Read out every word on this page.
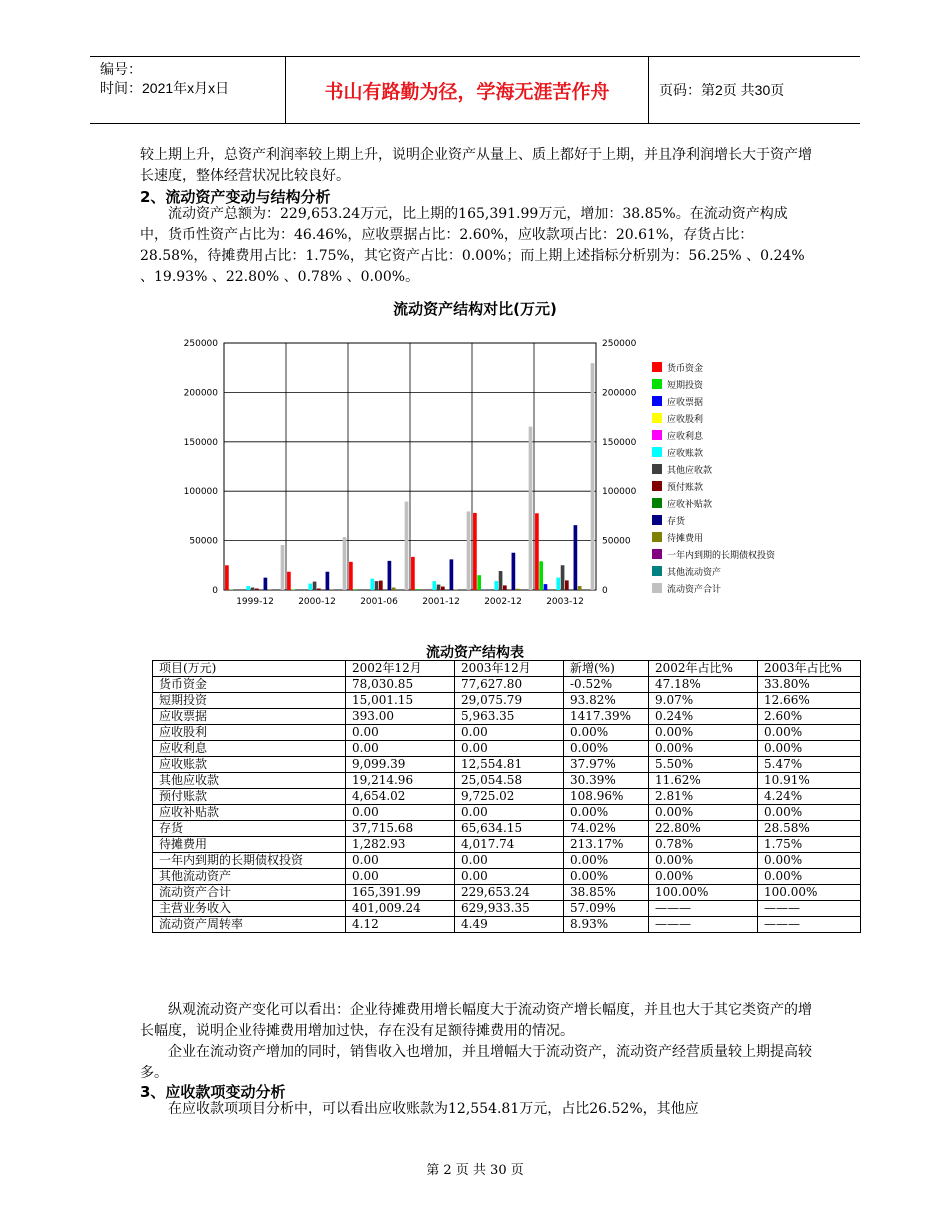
编号：
时间：2021年x月x日	书山有路勤为径，学海无涯苦作舟	页码：第2页 共30页
较上期上升，总资产利润率较上期上升，说明企业资产从量上、质上都好于上期，并且净利润增长大于资产增长速度，整体经营状况比较良好。
2、流动资产变动与结构分析
　　流动资产总额为：229,653.24万元，比上期的165,391.99万元，增加：38.85%。在流动资产构成中，货币性资产占比为：46.46%，应收票据占比：2.60%，应收款项占比：20.61%，存货占比：28.58%，待摊费用占比：1.75%，其它资产占比：0.00%；而上期上述指标分析别为：56.25% 、0.24% 、19.93% 、22.80% 、0.78% 、0.00%。
流动资产结构对比(万元)
0	0
50000	50000
100000	100000
150000	150000
200000	200000
250000	250000
1999-12	2000-12	2001-06	2001-12	2002-12	2003-12
货币资金
短期投资
应收票据
应收股利
应收利息
应收账款
其他应收款
预付账款
应收补贴款
存货
待摊费用
一年内到期的长期债权投资
其他流动资产
流动资产合计
流动资产结构表
项目(万元)	2002年12月	2003年12月	新增(%)	2002年占比%	2003年占比%
货币资金	78,030.85	77,627.80	-0.52%	47.18%	33.80%
短期投资	15,001.15	29,075.79	93.82%	9.07%	12.66%
应收票据	393.00	5,963.35	1417.39%	0.24%	2.60%
应收股利	0.00	0.00	0.00%	0.00%	0.00%
应收利息	0.00	0.00	0.00%	0.00%	0.00%
应收账款	9,099.39	12,554.81	37.97%	5.50%	5.47%
其他应收款	19,214.96	25,054.58	30.39%	11.62%	10.91%
预付账款	4,654.02	9,725.02	108.96%	2.81%	4.24%
应收补贴款	0.00	0.00	0.00%	0.00%	0.00%
存货	37,715.68	65,634.15	74.02%	22.80%	28.58%
待摊费用	1,282.93	4,017.74	213.17%	0.78%	1.75%
一年内到期的长期债权投资	0.00	0.00	0.00%	0.00%	0.00%
其他流动资产	0.00	0.00	0.00%	0.00%	0.00%
流动资产合计	165,391.99	229,653.24	38.85%	100.00%	100.00%
主营业务收入	401,009.24	629,933.35	57.09%	———	———
流动资产周转率	4.12	4.49	8.93%	———	———
　　纵观流动资产变化可以看出：企业待摊费用增长幅度大于流动资产增长幅度，并且也大于其它类资产的增长幅度，说明企业待摊费用增加过快，存在没有足额待摊费用的情况。
　　企业在流动资产增加的同时，销售收入也增加，并且增幅大于流动资产，流动资产经营质量较上期提高较多。
3、应收款项变动分析
　　在应收款项项目分析中，可以看出应收账款为12,554.81万元，占比26.52%，其他应
第 2 页 共 30 页
